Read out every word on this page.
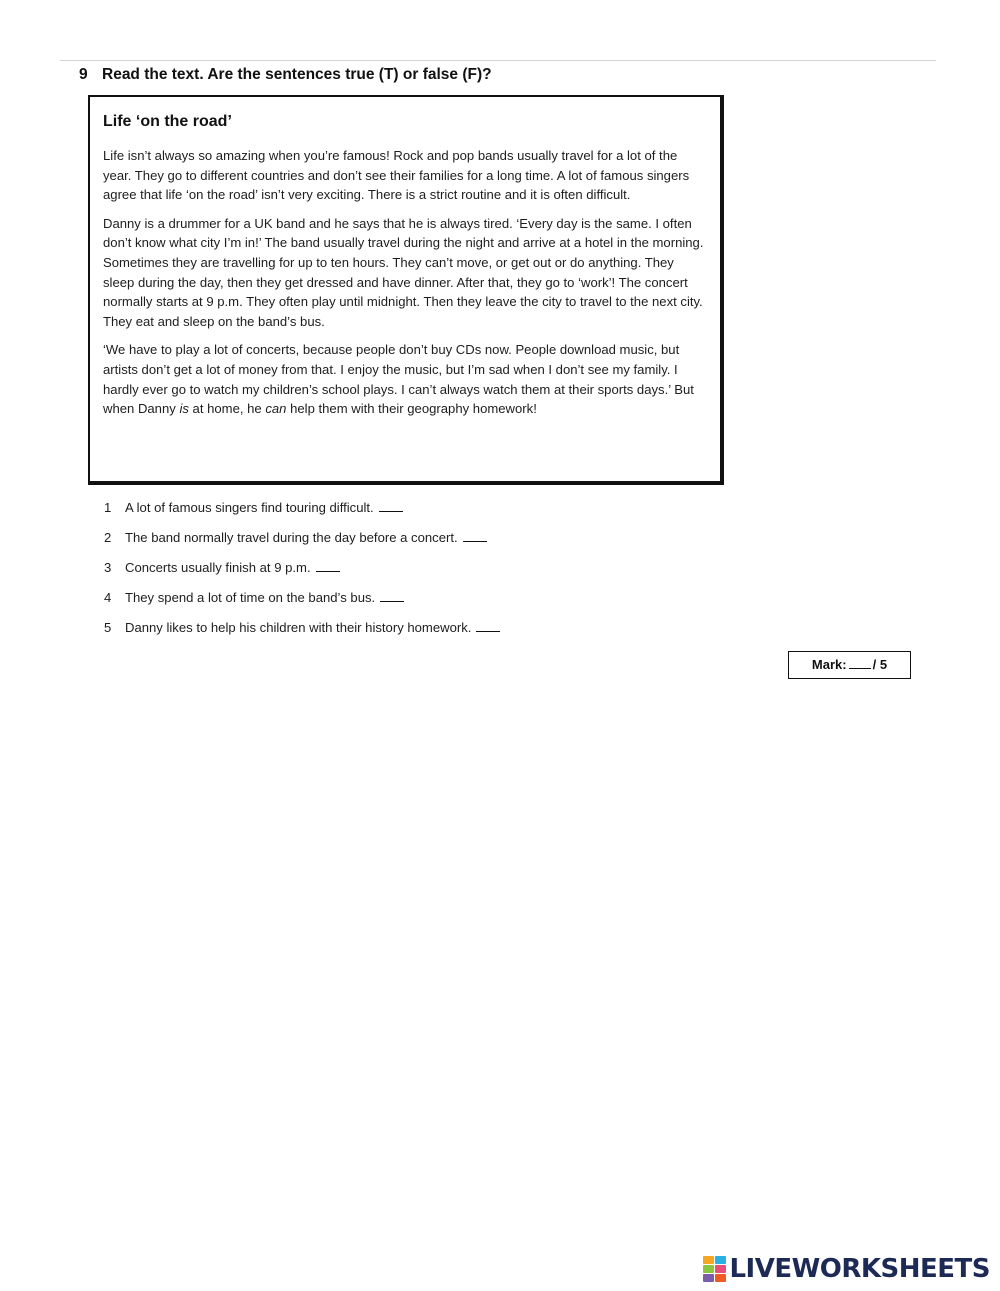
9 Read the text. Are the sentences true (T) or false (F)?
Life ‘on the road’

Life isn’t always so amazing when you’re famous! Rock and pop bands usually travel for a lot of the year. They go to different countries and don’t see their families for a long time. A lot of famous singers agree that life ‘on the road’ isn’t very exciting. There is a strict routine and it is often difficult.

Danny is a drummer for a UK band and he says that he is always tired. ‘Every day is the same. I often don’t know what city I’m in!’ The band usually travel during the night and arrive at a hotel in the morning. Sometimes they are travelling for up to ten hours. They can’t move, or get out or do anything. They sleep during the day, then they get dressed and have dinner. After that, they go to ‘work’! The concert normally starts at 9 p.m. They often play until midnight. Then they leave the city to travel to the next city. They eat and sleep on the band’s bus.

‘We have to play a lot of concerts, because people don’t buy CDs now. People download music, but artists don’t get a lot of money from that. I enjoy the music, but I’m sad when I don’t see my family. I hardly ever go to watch my children’s school plays. I can’t always watch them at their sports days.’ But when Danny is at home, he can help them with their geography homework!

1 A lot of famous singers find touring difficult.
2 The band normally travel during the day before a concert.
3 Concerts usually finish at 9 p.m.
4 They spend a lot of time on the band’s bus.
5 Danny likes to help his children with their history homework.
Mark: / 5
LIVEWORKSHEETS
